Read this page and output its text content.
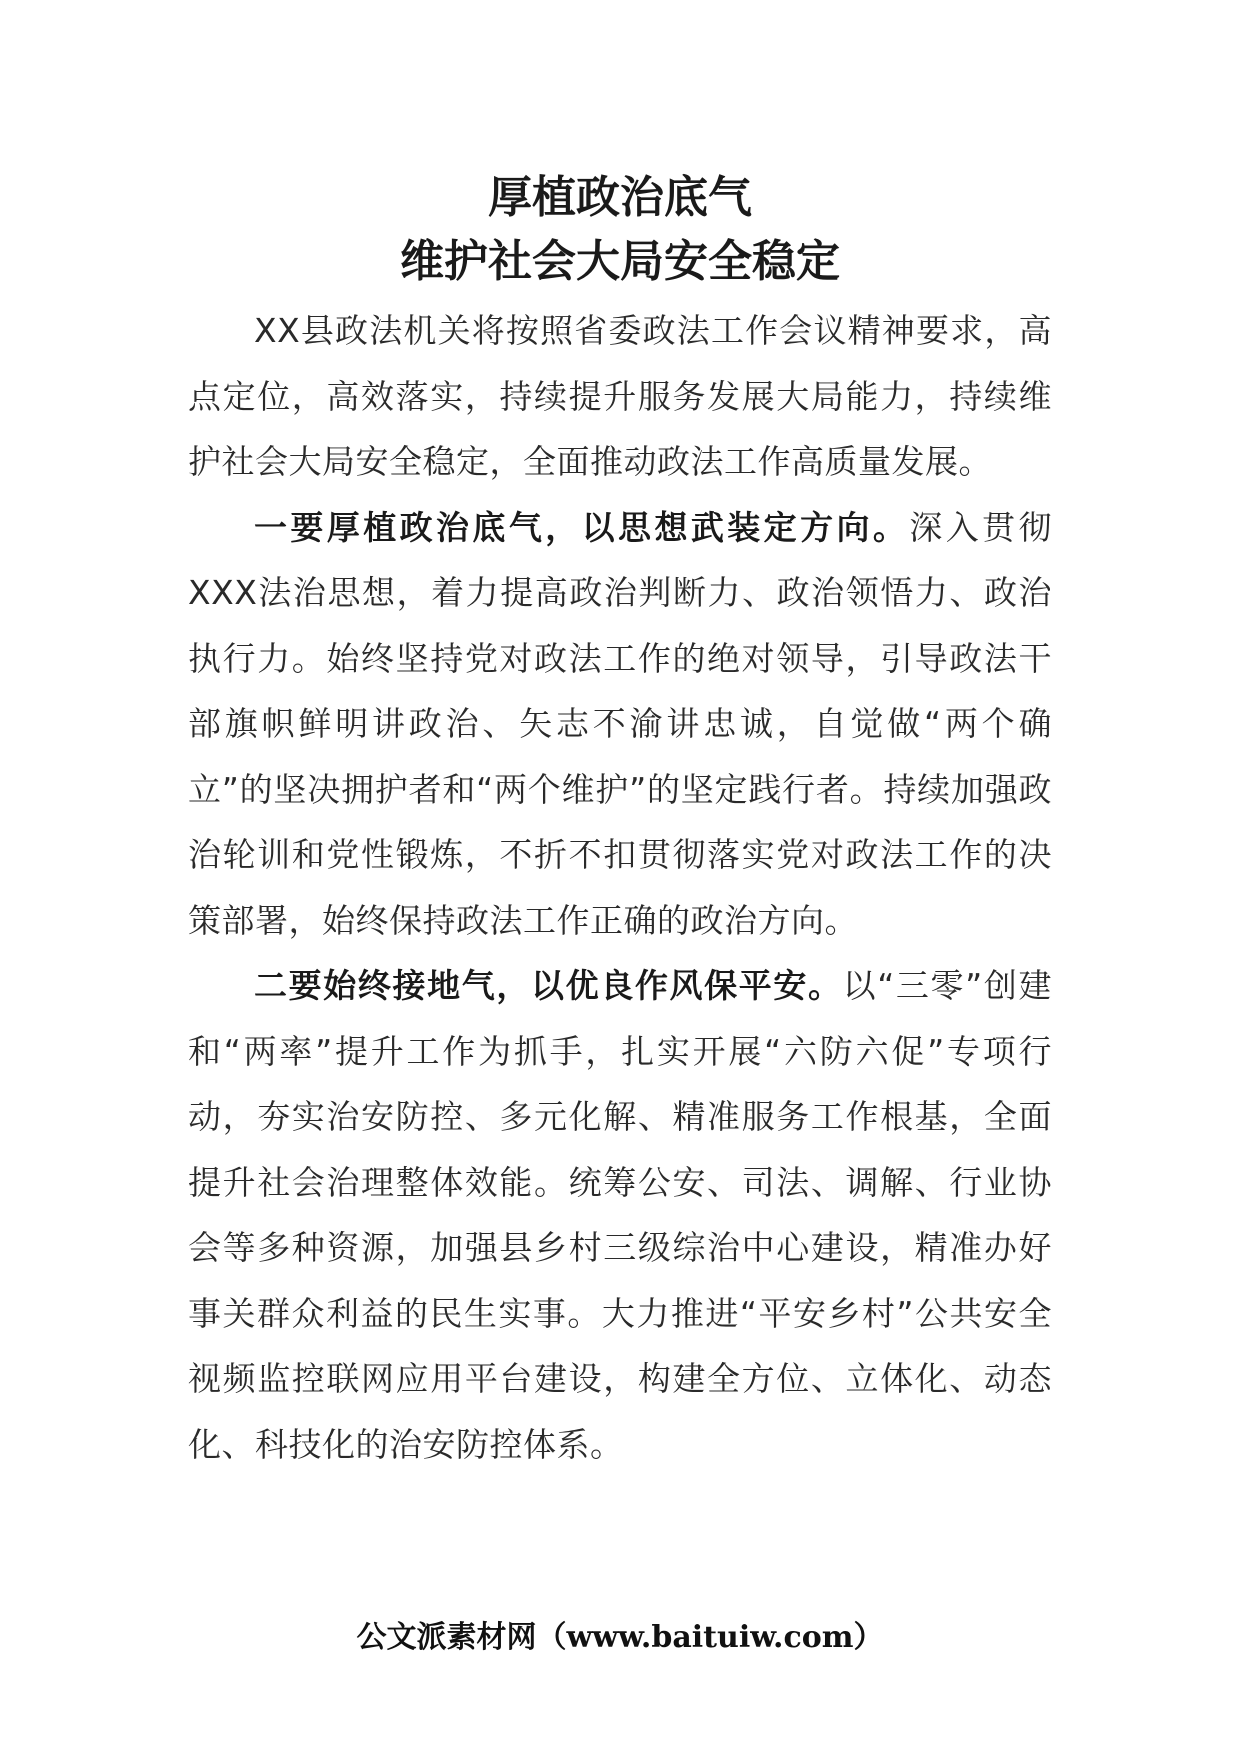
厚植政治底气
维护社会大局安全稳定

XX县政法机关将按照省委政法工作会议精神要求，高点定位，高效落实，持续提升服务发展大局能力，持续维护社会大局安全稳定，全面推动政法工作高质量发展。

一要厚植政治底气，以思想武装定方向。深入贯彻XXX法治思想，着力提高政治判断力、政治领悟力、政治执行力。始终坚持党对政法工作的绝对领导，引导政法干部旗帜鲜明讲政治、矢志不渝讲忠诚，自觉做“两个确立”的坚决拥护者和“两个维护”的坚定践行者。持续加强政治轮训和党性锻炼，不折不扣贯彻落实党对政法工作的决策部署，始终保持政法工作正确的政治方向。

二要始终接地气，以优良作风保平安。以“三零”创建和“两率”提升工作为抓手，扎实开展“六防六促”专项行动，夯实治安防控、多元化解、精准服务工作根基，全面提升社会治理整体效能。统筹公安、司法、调解、行业协会等多种资源，加强县乡村三级综治中心建设，精准办好事关群众利益的民生实事。大力推进“平安乡村”公共安全视频监控联网应用平台建设，构建全方位、立体化、动态化、科技化的治安防控体系。

公文派素材网（www.baituiw.com）
